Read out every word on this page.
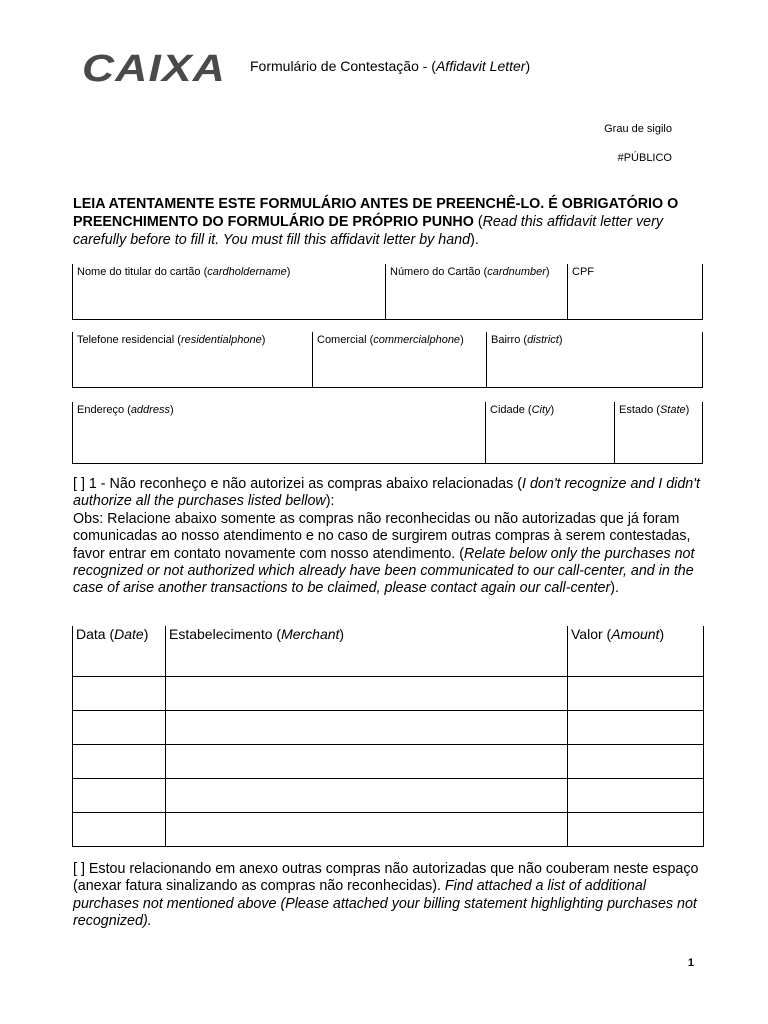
CAIXA Formulário de Contestação - (Affidavit Letter)
Grau de sigilo
#PÚBLICO
LEIA ATENTAMENTE ESTE FORMULÁRIO ANTES DE PREENCHÊ-LO. É OBRIGATÓRIO O PREENCHIMENTO DO FORMULÁRIO DE PRÓPRIO PUNHO (Read this affidavit letter very carefully before to fill it. You must fill this affidavit letter by hand).
Nome do titular do cartão (cardholdername)	Número do Cartão (cardnumber)	CPF
Telefone residencial (residentialphone)	Comercial (commercialphone)	Bairro (district)
Endereço (address)	Cidade (City)	Estado (State)
[ ] 1 - Não reconheço e não autorizei as compras abaixo relacionadas (I don't recognize and I didn't authorize all the purchases listed bellow):
Obs: Relacione abaixo somente as compras não reconhecidas ou não autorizadas que já foram comunicadas ao nosso atendimento e no caso de surgirem outras compras à serem contestadas, favor entrar em contato novamente com nosso atendimento. (Relate below only the purchases not recognized or not authorized which already have been communicated to our call-center, and in the case of arise another transactions to be claimed, please contact again our call-center).
Data (Date)	Estabelecimento (Merchant)	Valor (Amount)

[ ] Estou relacionando em anexo outras compras não autorizadas que não couberam neste espaço (anexar fatura sinalizando as compras não reconhecidas). Find attached a list of additional purchases not mentioned above (Please attached your billing statement highlighting purchases not recognized).
1
